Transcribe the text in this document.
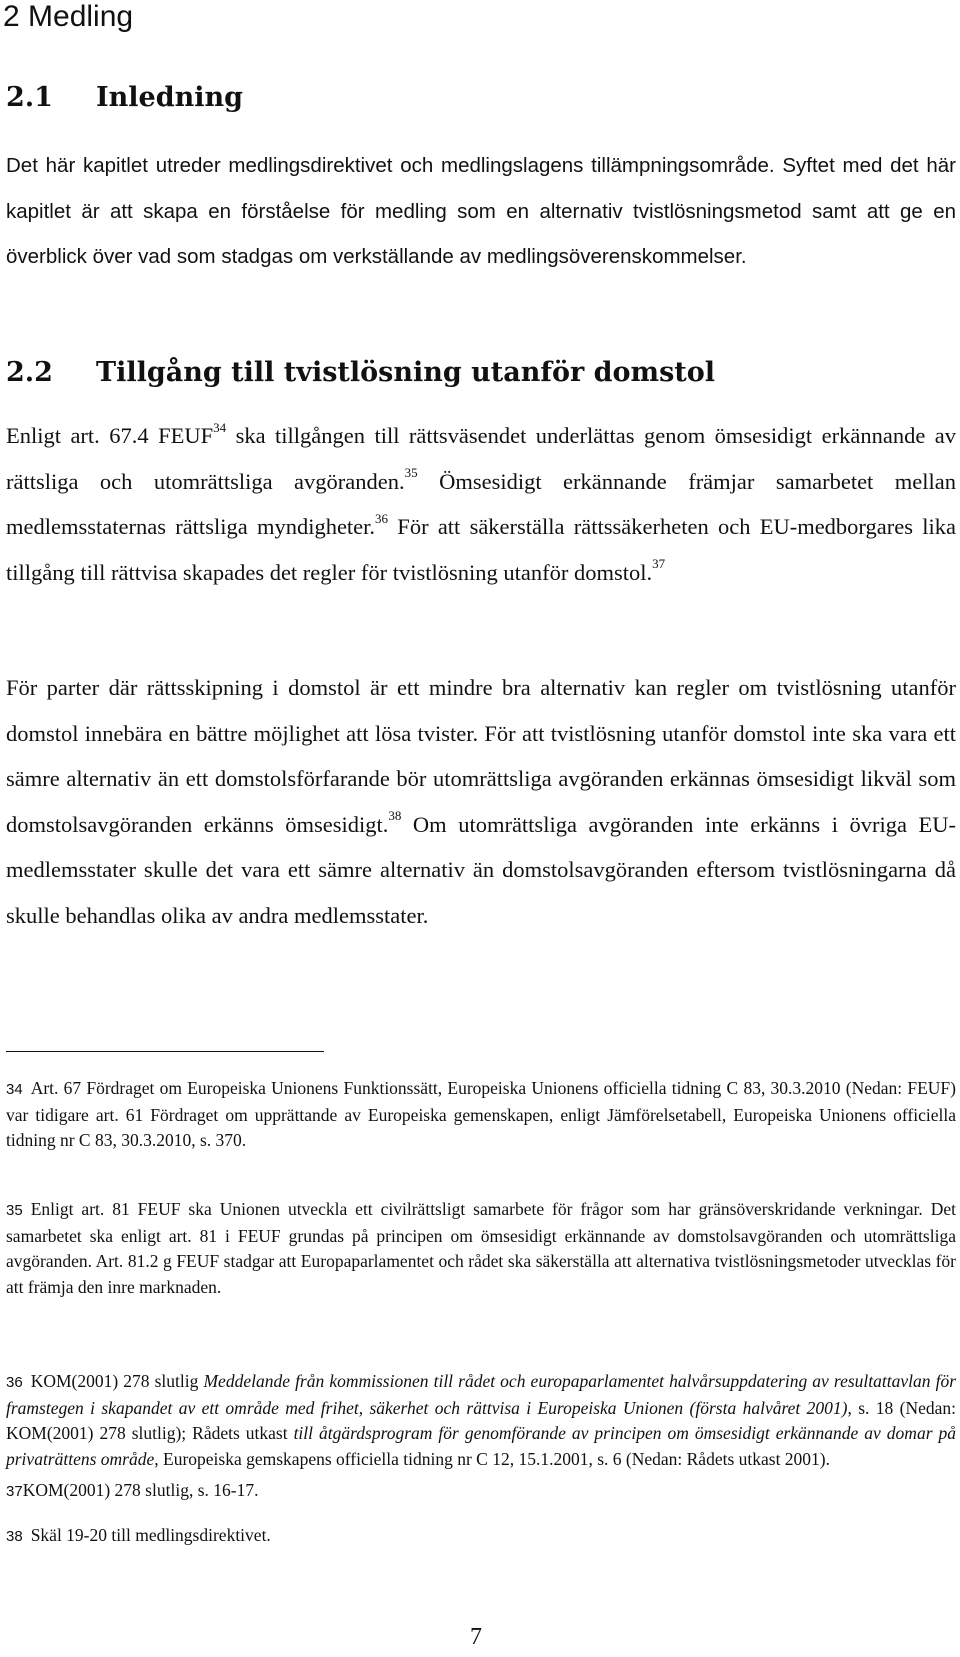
2 Medling
2.1 Inledning

Det här kapitlet utreder medlingsdirektivet och medlingslagens tillämpningsområde. Syftet med det här kapitlet är att skapa en förståelse för medling som en alternativ tvistlösningsmetod samt att ge en överblick över vad som stadgas om verkställande av medlingsöverenskommelser.

2.2 Tillgång till tvistlösning utanför domstol

Enligt art. 67.4 FEUF$^{34}$ ska tillgången till rättsväsendet underlättas genom ömsesidigt erkännande av rättsliga och utomrättsliga avgöranden.$^{35}$ Ömsesidigt erkännande främjar samarbetet mellan medlemsstaternas rättsliga myndigheter.$^{36}$ För att säkerställa rättssäkerheten och EU-medborgares lika tillgång till rättvisa skapades det regler för tvistlösning utanför domstol.$^{37}$

För parter där rättsskipning i domstol är ett mindre bra alternativ kan regler om tvistlösning utanför domstol innebära en bättre möjlighet att lösa tvister. För att tvistlösning utanför domstol inte ska vara ett sämre alternativ än ett domstolsförfarande bör utomrättsliga avgöranden erkännas ömsesidigt likväl som domstolsavgöranden erkänns ömsesidigt.$^{38}$ Om utomrättsliga avgöranden inte erkänns i övriga EU-medlemsstater skulle det vara ett sämre alternativ än domstolsavgöranden eftersom tvistlösningarna då skulle behandlas olika av andra medlemsstater.

34 Art. 67 Fördraget om Europeiska Unionens Funktionssätt, Europeiska Unionens officiella tidning C 83, 30.3.2010 (Nedan: FEUF) var tidigare art. 61 Fördraget om upprättande av Europeiska gemenskapen, enligt Jämförelsetabell, Europeiska Unionens officiella tidning nr C 83, 30.3.2010, s. 370.

35 Enligt art. 81 FEUF ska Unionen utveckla ett civilrättsligt samarbete för frågor som har gränsöverskridande verkningar. Det samarbetet ska enligt art. 81 i FEUF grundas på principen om ömsesidigt erkännande av domstolsavgöranden och utomrättsliga avgöranden. Art. 81.2 g FEUF stadgar att Europaparlamentet och rådet ska säkerställa att alternativa tvistlösningsmetoder utvecklas för att främja den inre marknaden.

36 KOM(2001) 278 slutlig Meddelande från kommissionen till rådet och europaparlamentet halvårsuppdatering av resultattavlan för framstegen i skapandet av ett område med frihet, säkerhet och rättvisa i Europeiska Unionen (första halvåret 2001), s. 18 (Nedan: KOM(2001) 278 slutlig); Rådets utkast till åtgärdsprogram för genomförande av principen om ömsesidigt erkännande av domar på privaträttens område, Europeiska gemskapens officiella tidning nr C 12, 15.1.2001, s. 6 (Nedan: Rådets utkast 2001).

37KOM(2001) 278 slutlig, s. 16-17.

38 Skäl 19-20 till medlingsdirektivet.

7
